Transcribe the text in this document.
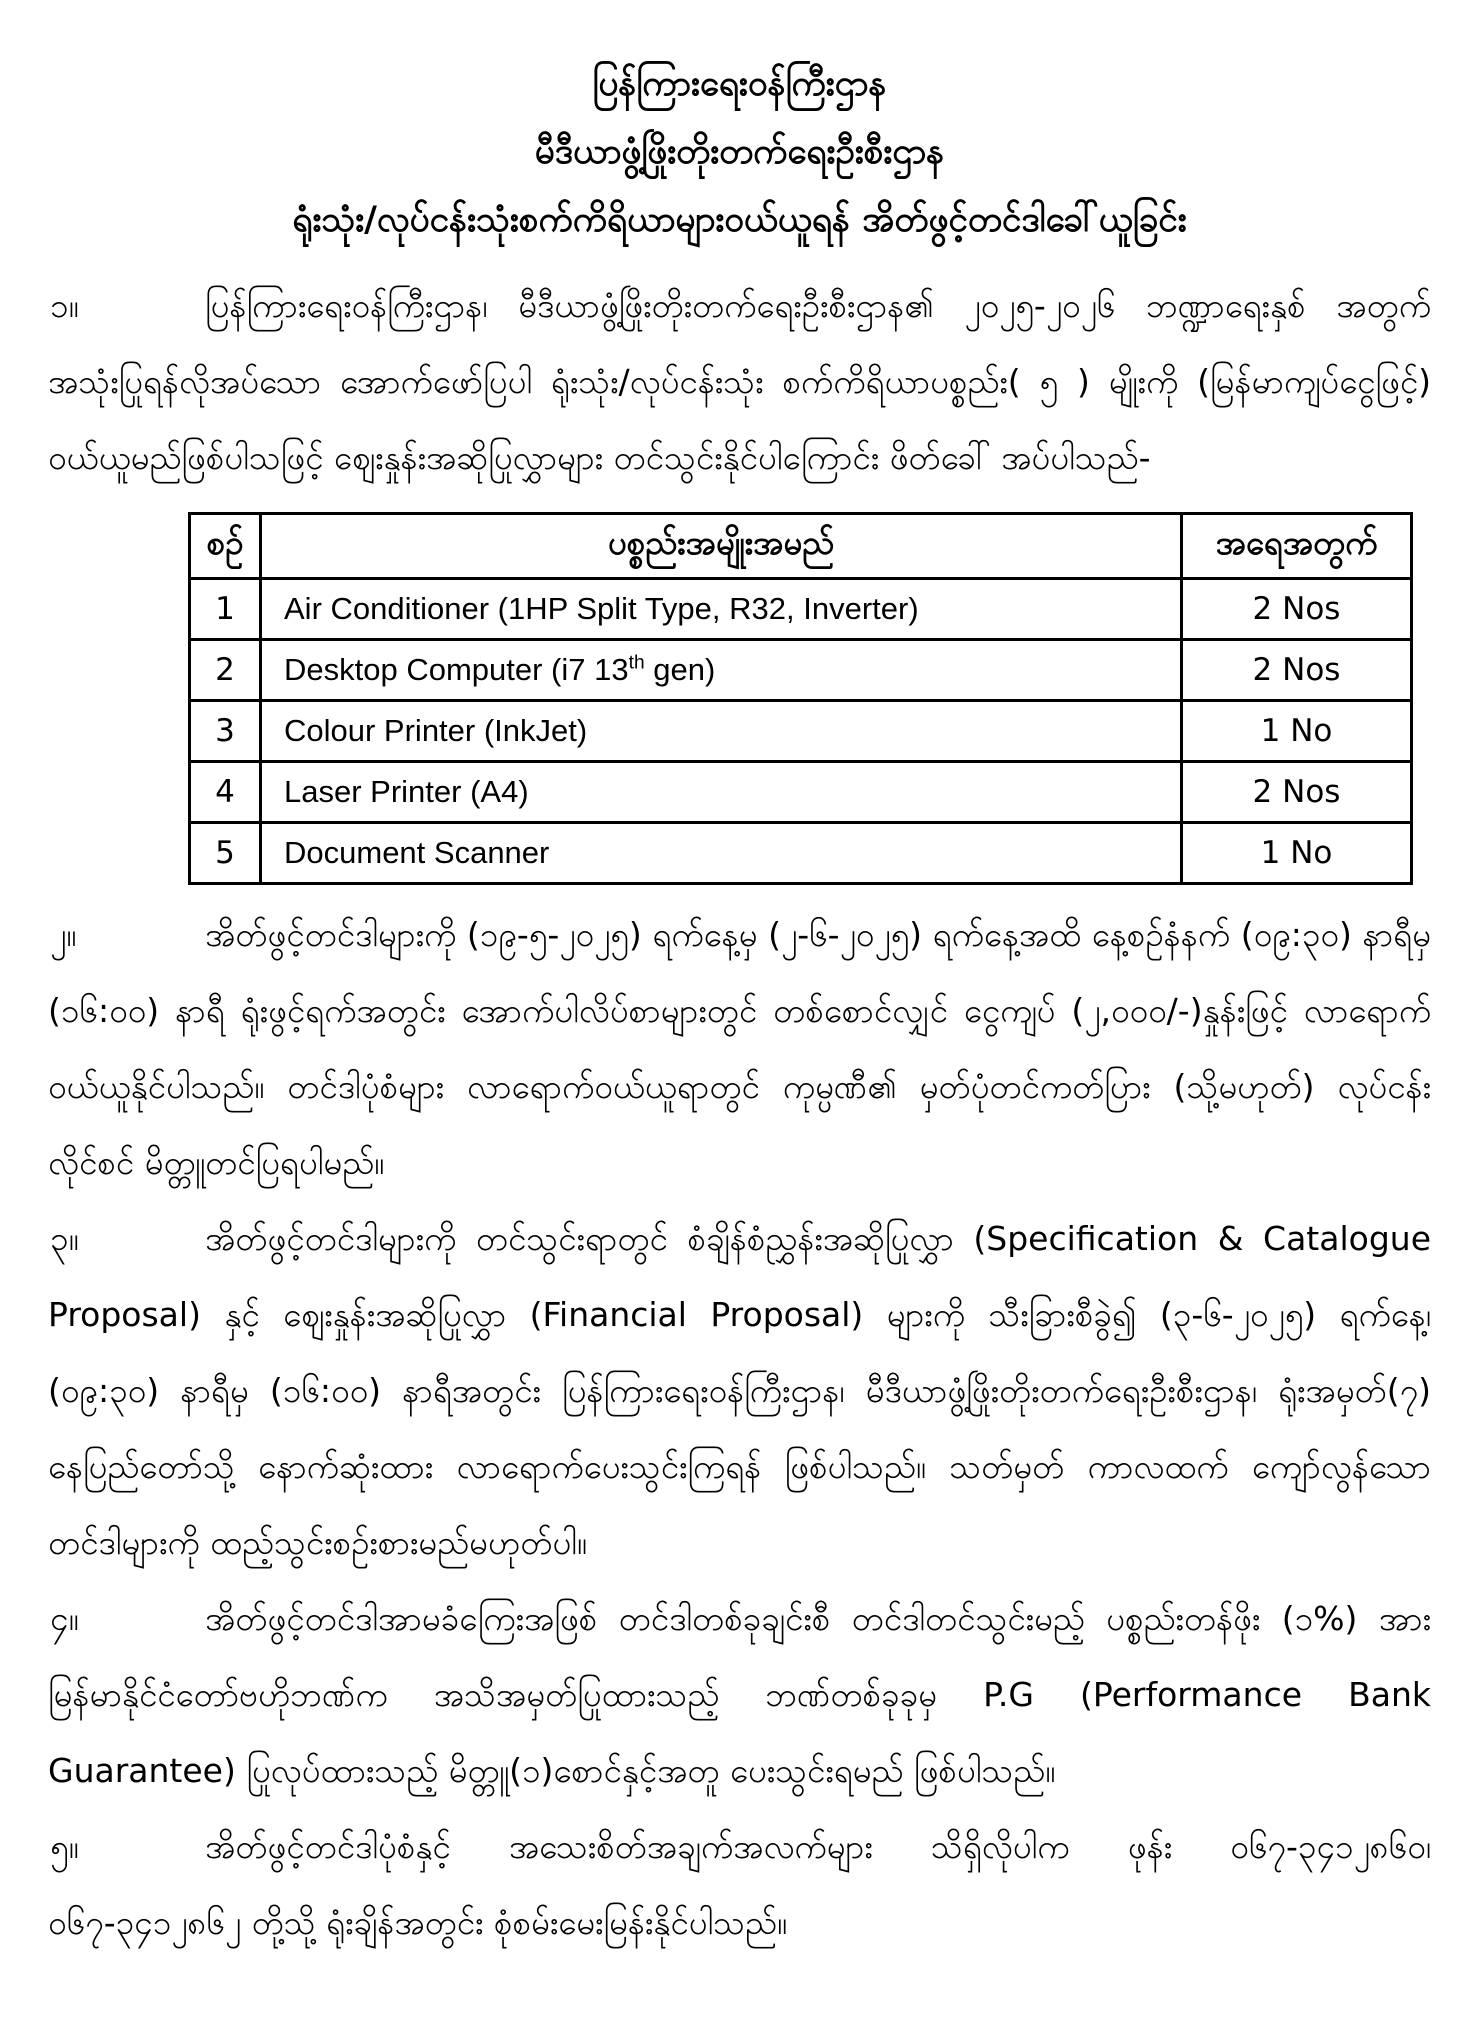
ပြန်ကြားရေးဝန်ကြီးဌာန
မီဒီယာဖွံ့ဖြိုးတိုးတက်ရေးဦးစီးဌာန
ရုံးသုံး/လုပ်ငန်းသုံးစက်ကိရိယာများဝယ်ယူရန် အိတ်ဖွင့်တင်ဒါခေါ်ယူခြင်း
၁။	ပြန်ကြားရေးဝန်ကြီးဌာန၊ မီဒီယာဖွံ့ဖြိုးတိုးတက်ရေးဦးစီးဌာန၏ ၂၀၂၅-၂၀၂၆ ဘဏ္ဍာရေးနှစ် အတွက် အသုံးပြုရန်လိုအပ်သော အောက်ဖော်ပြပါ ရုံးသုံး/လုပ်ငန်းသုံး စက်ကိရိယာပစ္စည်း( ၅ ) မျိုးကို (မြန်မာကျပ်ငွေဖြင့်) ဝယ်ယူမည်ဖြစ်ပါသဖြင့် ဈေးနှုန်းအဆိုပြုလွှာများ တင်သွင်းနိုင်ပါကြောင်း ဖိတ်ခေါ် အပ်ပါသည်-
စဉ်	ပစ္စည်းအမျိုးအမည်	အရေအတွက်
1	Air Conditioner (1HP Split Type, R32, Inverter)	2 Nos
2	Desktop Computer (i7 13th gen)	2 Nos
3	Colour Printer (InkJet)	1 No
4	Laser Printer (A4)	2 Nos
5	Document Scanner	1 No
၂။	အိတ်ဖွင့်တင်ဒါများကို (၁၉-၅-၂၀၂၅) ရက်နေ့မှ (၂-၆-၂၀၂၅) ရက်နေ့အထိ နေ့စဉ်နံနက် (၀၉:၃၀) နာရီမှ (၁၆:၀၀) နာရီ ရုံးဖွင့်ရက်အတွင်း အောက်ပါလိပ်စာများတွင် တစ်စောင်လျှင် ငွေကျပ် (၂,၀၀၀/-)နှုန်းဖြင့် လာရောက်ဝယ်ယူနိုင်ပါသည်။ တင်ဒါပုံစံများ လာရောက်ဝယ်ယူရာတွင် ကုမ္ပဏီ၏ မှတ်ပုံတင်ကတ်ပြား (သို့မဟုတ်) လုပ်ငန်းလိုင်စင် မိတ္တူတင်ပြရပါမည်။
၃။	အိတ်ဖွင့်တင်ဒါများကို တင်သွင်းရာတွင် စံချိန်စံညွှန်းအဆိုပြုလွှာ (Specification & Catalogue Proposal) နှင့် ဈေးနှုန်းအဆိုပြုလွှာ (Financial Proposal) များကို သီးခြားစီခွဲ၍ (၃-၆-၂၀၂၅) ရက်နေ့၊ (၀၉:၃၀) နာရီမှ (၁၆:၀၀) နာရီအတွင်း ပြန်ကြားရေးဝန်ကြီးဌာန၊ မီဒီယာဖွံ့ဖြိုးတိုးတက်ရေးဦးစီးဌာန၊ ရုံးအမှတ်(၇) နေပြည်တော်သို့ နောက်ဆုံးထား လာရောက်ပေးသွင်းကြရန် ဖြစ်ပါသည်။ သတ်မှတ် ကာလထက် ကျော်လွန်သော တင်ဒါများကို ထည့်သွင်းစဉ်းစားမည်မဟုတ်ပါ။
၄။	အိတ်ဖွင့်တင်ဒါအာမခံကြေးအဖြစ် တင်ဒါတစ်ခုချင်းစီ တင်ဒါတင်သွင်းမည့် ပစ္စည်းတန်ဖိုး (၁%) အား မြန်မာနိုင်ငံတော်ဗဟိုဘဏ်က အသိအမှတ်ပြုထားသည့် ဘဏ်တစ်ခုခုမှ P.G (Performance Bank Guarantee) ပြုလုပ်ထားသည့် မိတ္တူ(၁)စောင်နှင့်အတူ ပေးသွင်းရမည် ဖြစ်ပါသည်။
၅။	အိတ်ဖွင့်တင်ဒါပုံစံနှင့် အသေးစိတ်အချက်အလက်များ သိရှိလိုပါက ဖုန်း ၀၆၇-၃၄၁၂၈၆၀၊ ၀၆၇-၃၄၁၂၈၆၂ တို့သို့ ရုံးချိန်အတွင်း စုံစမ်းမေးမြန်းနိုင်ပါသည်။
